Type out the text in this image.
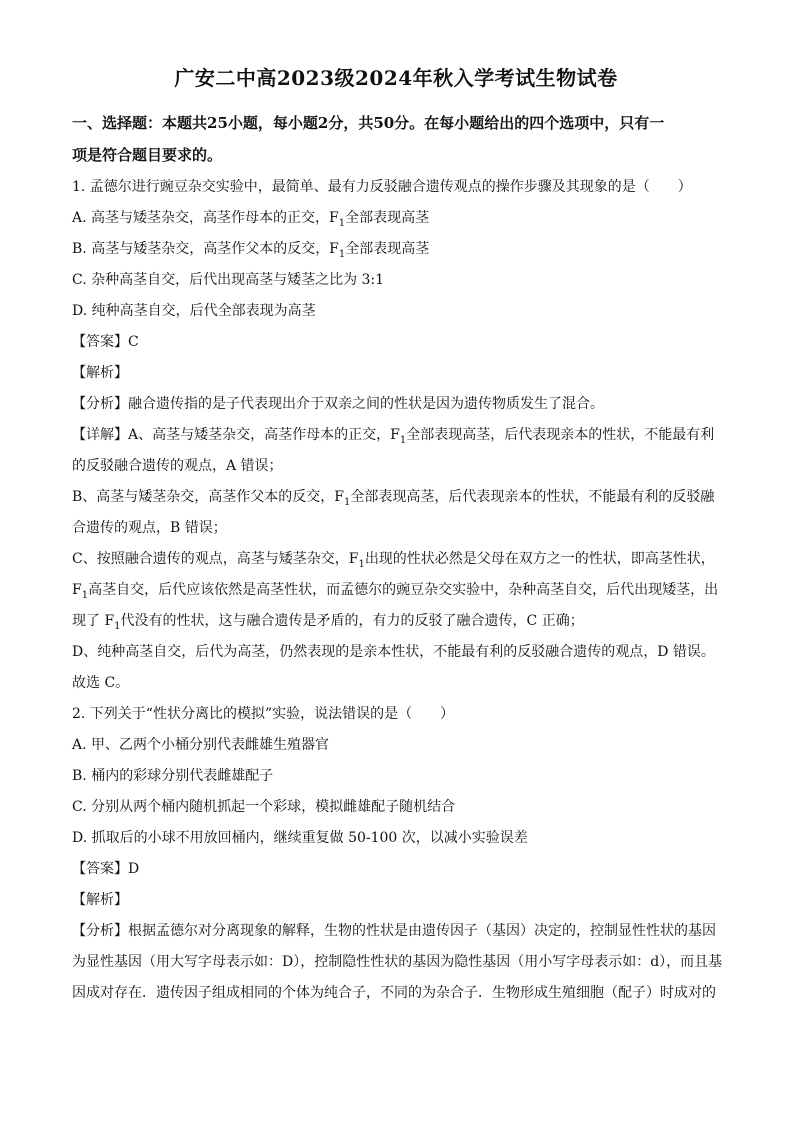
广安二中高2023级2024年秋入学考试生物试卷
一、选择题：本题共25小题，每小题2分，共50分。在每小题给出的四个选项中，只有一
项是符合题目要求的。
1. 孟德尔进行豌豆杂交实验中，最简单、最有力反驳融合遗传观点的操作步骤及其现象的是（　　）
A. 高茎与矮茎杂交，高茎作母本的正交，$F_1$全部表现高茎
B. 高茎与矮茎杂交，高茎作父本的反交，$F_1$全部表现高茎
C. 杂种高茎自交，后代出现高茎与矮茎之比为 3:1
D. 纯种高茎自交，后代全部表现为高茎
【答案】C
【解析】
【分析】融合遗传指的是子代表现出介于双亲之间的性状是因为遗传物质发生了混合。
【详解】A、高茎与矮茎杂交，高茎作母本的正交，$F_1$全部表现高茎，后代表现亲本的性状，不能最有利
的反驳融合遗传的观点，A 错误；
B、高茎与矮茎杂交，高茎作父本的反交，$F_1$全部表现高茎，后代表现亲本的性状，不能最有利的反驳融
合遗传的观点，B 错误；
C、按照融合遗传的观点，高茎与矮茎杂交，$F_1$出现的性状必然是父母在双方之一的性状，即高茎性状，
$F_1$高茎自交，后代应该依然是高茎性状，而孟德尔的豌豆杂交实验中，杂种高茎自交，后代出现矮茎，出
现了 $F_1$代没有的性状，这与融合遗传是矛盾的，有力的反驳了融合遗传，C 正确；
D、纯种高茎自交，后代为高茎，仍然表现的是亲本性状，不能最有利的反驳融合遗传的观点，D 错误。
故选 C。
2. 下列关于“性状分离比的模拟”实验，说法错误的是（　　）
A. 甲、乙两个小桶分别代表雌雄生殖器官
B. 桶内的彩球分别代表雌雄配子
C. 分别从两个桶内随机抓起一个彩球，模拟雌雄配子随机结合
D. 抓取后的小球不用放回桶内，继续重复做 50-100 次，以减小实验误差
【答案】D
【解析】
【分析】根据孟德尔对分离现象的解释，生物的性状是由遗传因子（基因）决定的，控制显性性状的基因
为显性基因（用大写字母表示如：D），控制隐性性状的基因为隐性基因（用小写字母表示如：d），而且基
因成对存在．遗传因子组成相同的个体为纯合子，不同的为杂合子．生物形成生殖细胞（配子）时成对的
